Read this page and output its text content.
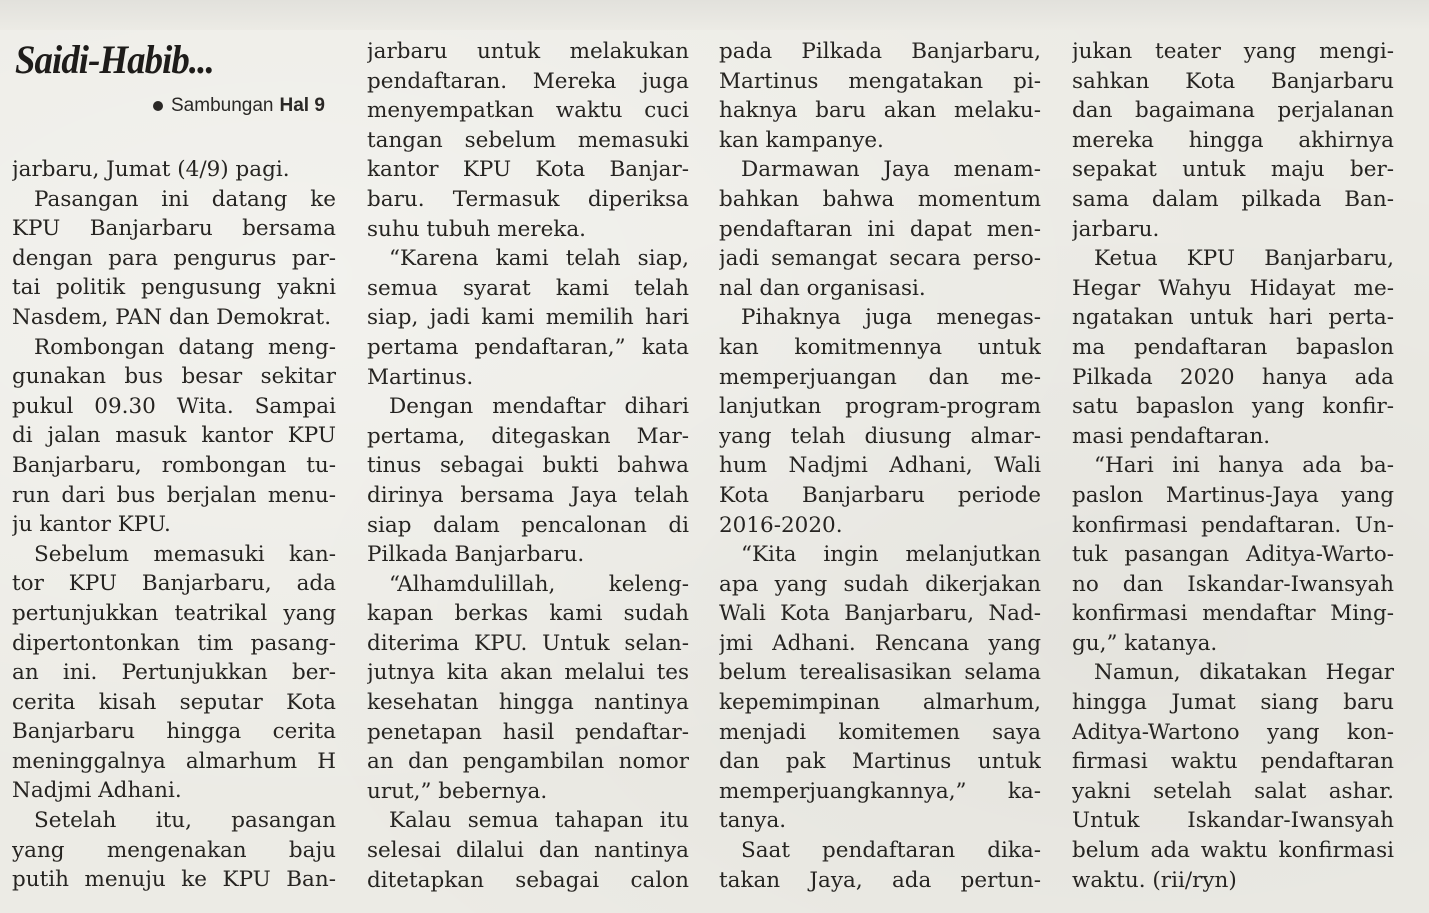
Saidi-Habib...
Sambungan Hal 9
jarbaru, Jumat (4/9) pagi.
Pasangan ini datang ke
KPU Banjarbaru bersama
dengan para pengurus par-
tai politik pengusung yakni
Nasdem, PAN dan Demokrat.
Rombongan datang meng-
gunakan bus besar sekitar
pukul 09.30 Wita. Sampai
di jalan masuk kantor KPU
Banjarbaru, rombongan tu-
run dari bus berjalan menu-
ju kantor KPU.
Sebelum memasuki kan-
tor KPU Banjarbaru, ada
pertunjukkan teatrikal yang
dipertontonkan tim pasang-
an ini. Pertunjukkan ber-
cerita kisah seputar Kota
Banjarbaru hingga cerita
meninggalnya almarhum H
Nadjmi Adhani.
Setelah itu, pasangan
yang mengenakan baju
putih menuju ke KPU Ban-
jarbaru untuk melakukan
pendaftaran. Mereka juga
menyempatkan waktu cuci
tangan sebelum memasuki
kantor KPU Kota Banjar-
baru. Termasuk diperiksa
suhu tubuh mereka.
“Karena kami telah siap,
semua syarat kami telah
siap, jadi kami memilih hari
pertama pendaftaran,” kata
Martinus.
Dengan mendaftar dihari
pertama, ditegaskan Mar-
tinus sebagai bukti bahwa
dirinya bersama Jaya telah
siap dalam pencalonan di
Pilkada Banjarbaru.
“Alhamdulillah, keleng-
kapan berkas kami sudah
diterima KPU. Untuk selan-
jutnya kita akan melalui tes
kesehatan hingga nantinya
penetapan hasil pendaftar-
an dan pengambilan nomor
urut,” bebernya.
Kalau semua tahapan itu
selesai dilalui dan nantinya
ditetapkan sebagai calon
pada Pilkada Banjarbaru,
Martinus mengatakan pi-
haknya baru akan melaku-
kan kampanye.
Darmawan Jaya menam-
bahkan bahwa momentum
pendaftaran ini dapat men-
jadi semangat secara perso-
nal dan organisasi.
Pihaknya juga menegas-
kan komitmennya untuk
memperjuangan dan me-
lanjutkan program-program
yang telah diusung almar-
hum Nadjmi Adhani, Wali
Kota Banjarbaru periode
2016-2020.
“Kita ingin melanjutkan
apa yang sudah dikerjakan
Wali Kota Banjarbaru, Nad-
jmi Adhani. Rencana yang
belum terealisasikan selama
kepemimpinan almarhum,
menjadi komitemen saya
dan pak Martinus untuk
memperjuangkannya,” ka-
tanya.
Saat pendaftaran dika-
takan Jaya, ada pertun-
jukan teater yang mengi-
sahkan Kota Banjarbaru
dan bagaimana perjalanan
mereka hingga akhirnya
sepakat untuk maju ber-
sama dalam pilkada Ban-
jarbaru.
Ketua KPU Banjarbaru,
Hegar Wahyu Hidayat me-
ngatakan untuk hari perta-
ma pendaftaran bapaslon
Pilkada 2020 hanya ada
satu bapaslon yang konfir-
masi pendaftaran.
“Hari ini hanya ada ba-
paslon Martinus-Jaya yang
konfirmasi pendaftaran. Un-
tuk pasangan Aditya-Warto-
no dan Iskandar-Iwansyah
konfirmasi mendaftar Ming-
gu,” katanya.
Namun, dikatakan Hegar
hingga Jumat siang baru
Aditya-Wartono yang kon-
firmasi waktu pendaftaran
yakni setelah salat ashar.
Untuk Iskandar-Iwansyah
belum ada waktu konfirmasi
waktu. (rii/ryn)
